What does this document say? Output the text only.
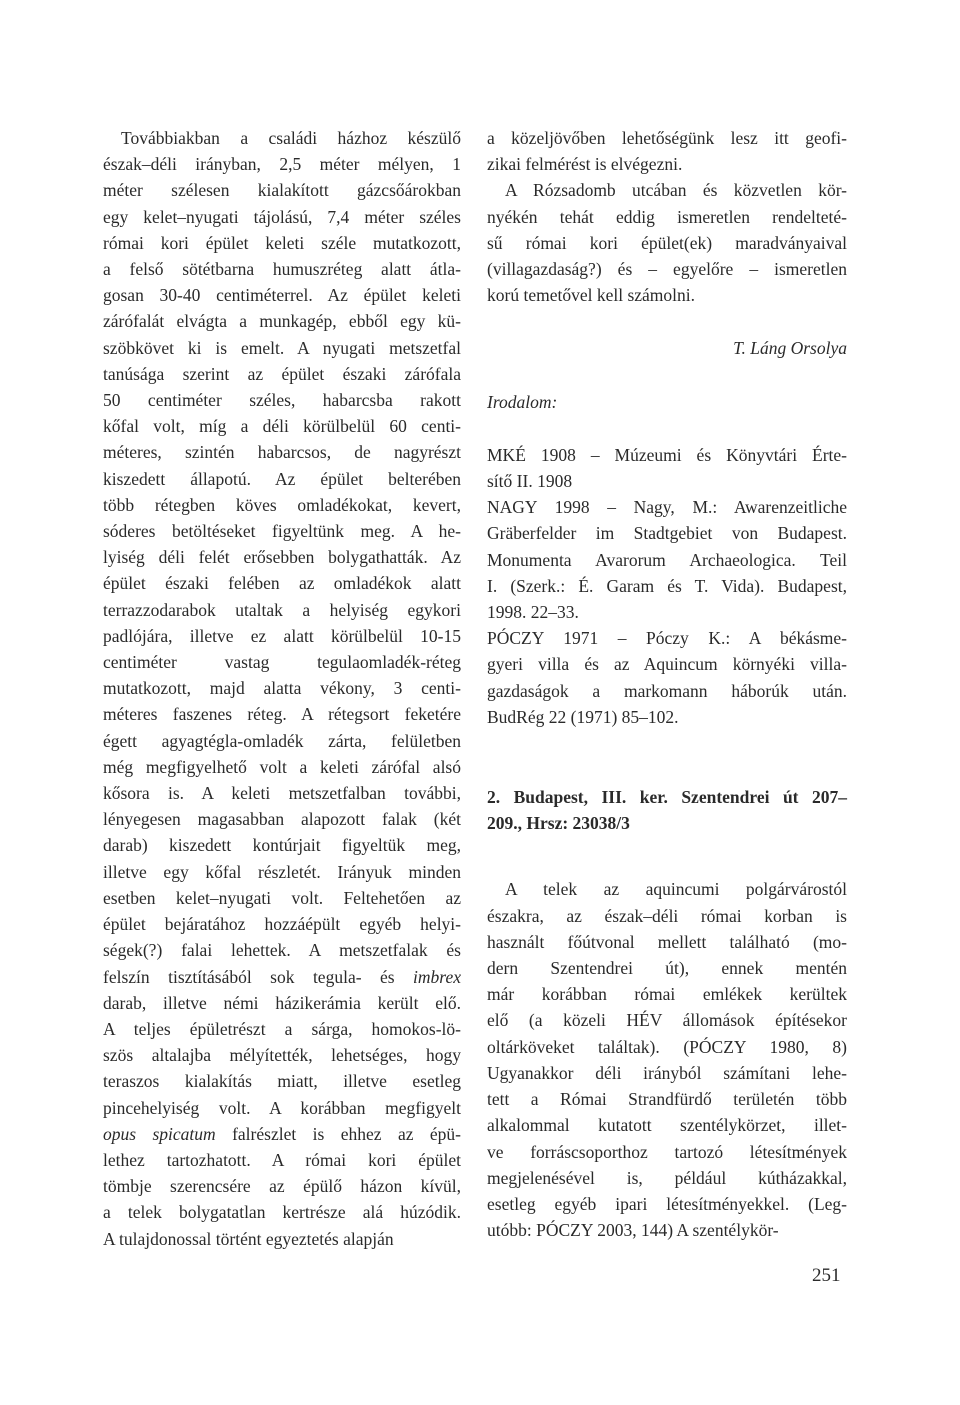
Továbbiakban a családi házhoz készülő
észak–déli irányban, 2,5 méter mélyen, 1
méter szélesen kialakított gázcsőárokban
egy kelet–nyugati tájolású, 7,4 méter széles
római kori épület keleti széle mutatkozott,
a felső sötétbarna humuszréteg alatt átla-
gosan 30-40 centiméterrel. Az épület keleti
zárófalát elvágta a munkagép, ebből egy kü-
szöbkövet ki is emelt. A nyugati metszetfal
tanúsága szerint az épület északi zárófala
50 centiméter széles, habarcsba rakott
kőfal volt, míg a déli körülbelül 60 centi-
méteres, szintén habarcsos, de nagyrészt
kiszedett állapotú. Az épület belterében
több rétegben köves omladékokat, kevert,
sóderes betöltéseket figyeltünk meg. A he-
lyiség déli felét erősebben bolygathatták. Az
épület északi felében az omladékok alatt
terrazzodarabok utaltak a helyiség egykori
padlójára, illetve ez alatt körülbelül 10-15
centiméter vastag tegulaomladék-réteg
mutatkozott, majd alatta vékony, 3 centi-
méteres faszenes réteg. A rétegsort feketére
égett agyagtégla-omladék zárta, felületben
még megfigyelhető volt a keleti zárófal alsó
kősora is. A keleti metszetfalban további,
lényegesen magasabban alapozott falak (két
darab) kiszedett kontúrjait figyeltük meg,
illetve egy kőfal részletét. Irányuk minden
esetben kelet–nyugati volt. Feltehetően az
épület bejáratához hozzáépült egyéb helyi-
ségek(?) falai lehettek. A metszetfalak és
felszín tisztításából sok tegula- és imbrex
darab, illetve némi házikerámia került elő.
A teljes épületrészt a sárga, homokos-lö-
szös altalajba mélyítették, lehetséges, hogy
teraszos kialakítás miatt, illetve esetleg
pincehelyiség volt. A korábban megfigyelt
opus spicatum falrészlet is ehhez az épü-
lethez tartozhatott. A római kori épület
tömbje szerencsére az épülő házon kívül,
a telek bolygatatlan kertrésze alá húzódik.
A tulajdonossal történt egyeztetés alapján
a közeljövőben lehetőségünk lesz itt geofi-
zikai felmérést is elvégezni.
A Rózsadomb utcában és közvetlen kör-
nyékén tehát eddig ismeretlen rendelteté-
sű római kori épület(ek) maradványaival
(villagazdaság?) és – egyelőre – ismeretlen
korú temetővel kell számolni.
T. Láng Orsolya
Irodalom:
MKÉ 1908 – Múzeumi és Könyvtári Érte-
sítő II. 1908
NAGY 1998 – Nagy, M.: Awarenzeitliche
Gräberfelder im Stadtgebiet von Budapest.
Monumenta Avarorum Archaeologica. Teil
I. (Szerk.: É. Garam és T. Vida). Budapest,
1998. 22–33.
PÓCZY 1971 – Póczy K.: A békásme-
gyeri villa és az Aquincum környéki villa-
gazdaságok a markomann háborúk után.
BudRég 22 (1971) 85–102.
2. Budapest, III. ker. Szentendrei út 207–
209., Hrsz: 23038/3
A telek az aquincumi polgárvárostól
északra, az észak–déli római korban is
használt főútvonal mellett található (mo-
dern Szentendrei út), ennek mentén
már korábban római emlékek kerültek
elő (a közeli HÉV állomások építésekor
oltárköveket találtak). (PÓCZY 1980, 8)
Ugyanakkor déli irányból számítani lehe-
tett a Római Strandfürdő területén több
alkalommal kutatott szentélykörzet, illet-
ve forráscsoporthoz tartozó létesítmények
megjelenésével is, például kútházakkal,
esetleg egyéb ipari létesítményekkel. (Leg-
utóbb: PÓCZY 2003, 144) A szentélykör-
251
